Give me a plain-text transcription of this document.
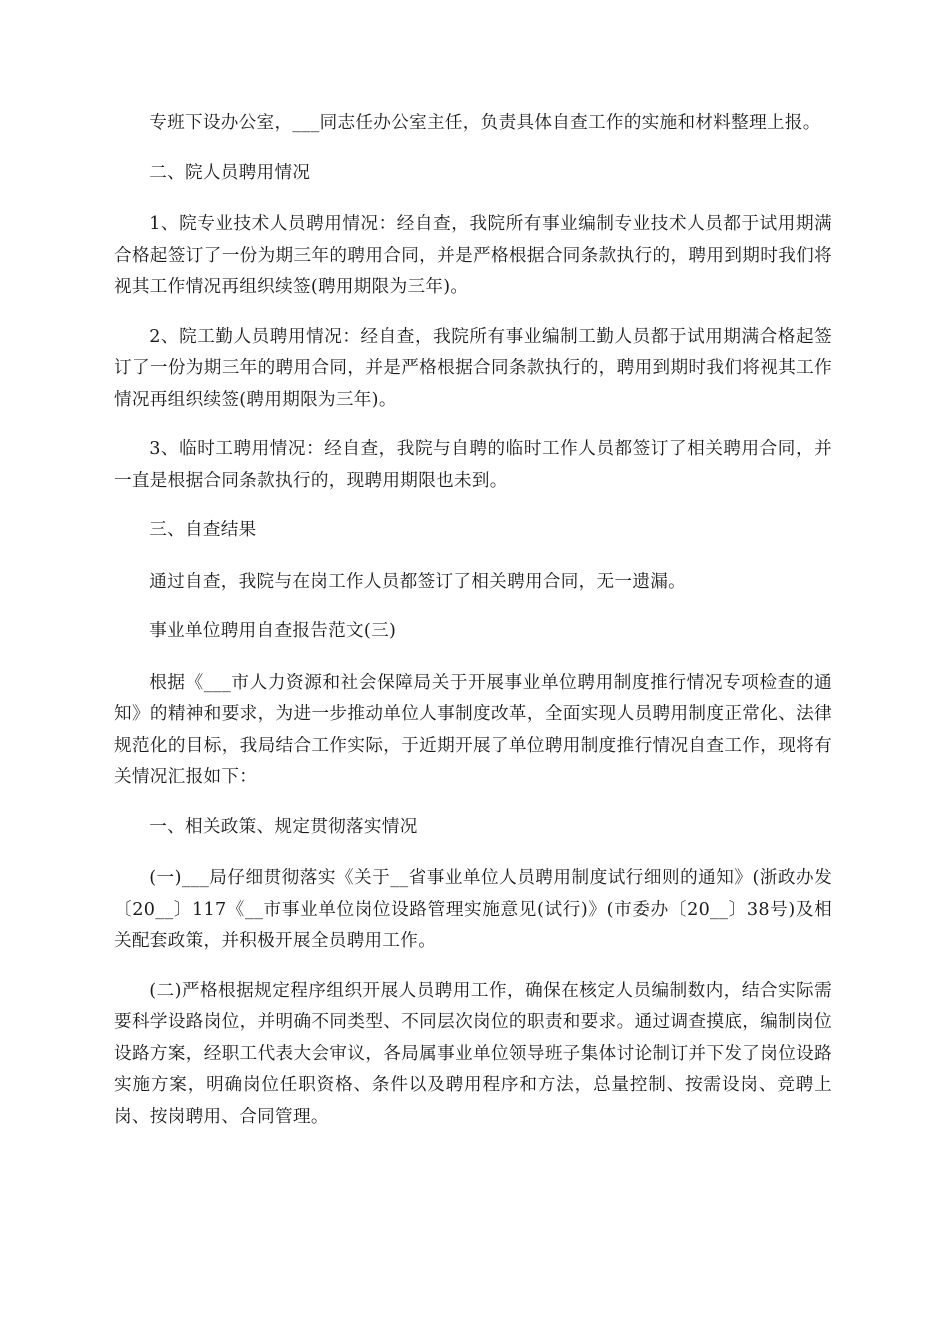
专班下设办公室，___同志任办公室主任，负责具体自查工作的实施和材料整理上报。

二、院人员聘用情况

1、院专业技术人员聘用情况：经自查，我院所有事业编制专业技术人员都于试用期满合格起签订了一份为期三年的聘用合同，并是严格根据合同条款执行的，聘用到期时我们将视其工作情况再组织续签(聘用期限为三年)。

2、院工勤人员聘用情况：经自查，我院所有事业编制工勤人员都于试用期满合格起签订了一份为期三年的聘用合同，并是严格根据合同条款执行的，聘用到期时我们将视其工作情况再组织续签(聘用期限为三年)。

3、临时工聘用情况：经自查，我院与自聘的临时工作人员都签订了相关聘用合同，并一直是根据合同条款执行的，现聘用期限也未到。

三、自查结果

通过自查，我院与在岗工作人员都签订了相关聘用合同，无一遗漏。

事业单位聘用自查报告范文(三)

根据《___市人力资源和社会保障局关于开展事业单位聘用制度推行情况专项检查的通知》的精神和要求，为进一步推动单位人事制度改革，全面实现人员聘用制度正常化、法律规范化的目标，我局结合工作实际，于近期开展了单位聘用制度推行情况自查工作，现将有关情况汇报如下：

一、相关政策、规定贯彻落实情况

(一)___局仔细贯彻落实《关于__省事业单位人员聘用制度试行细则的通知》(浙政办发〔20__〕117《__市事业单位岗位设路管理实施意见(试行)》(市委办〔20__〕38号)及相关配套政策，并积极开展全员聘用工作。

(二)严格根据规定程序组织开展人员聘用工作，确保在核定人员编制数内，结合实际需要科学设路岗位，并明确不同类型、不同层次岗位的职责和要求。通过调查摸底，编制岗位设路方案，经职工代表大会审议，各局属事业单位领导班子集体讨论制订并下发了岗位设路实施方案，明确岗位任职资格、条件以及聘用程序和方法，总量控制、按需设岗、竞聘上岗、按岗聘用、合同管理。
